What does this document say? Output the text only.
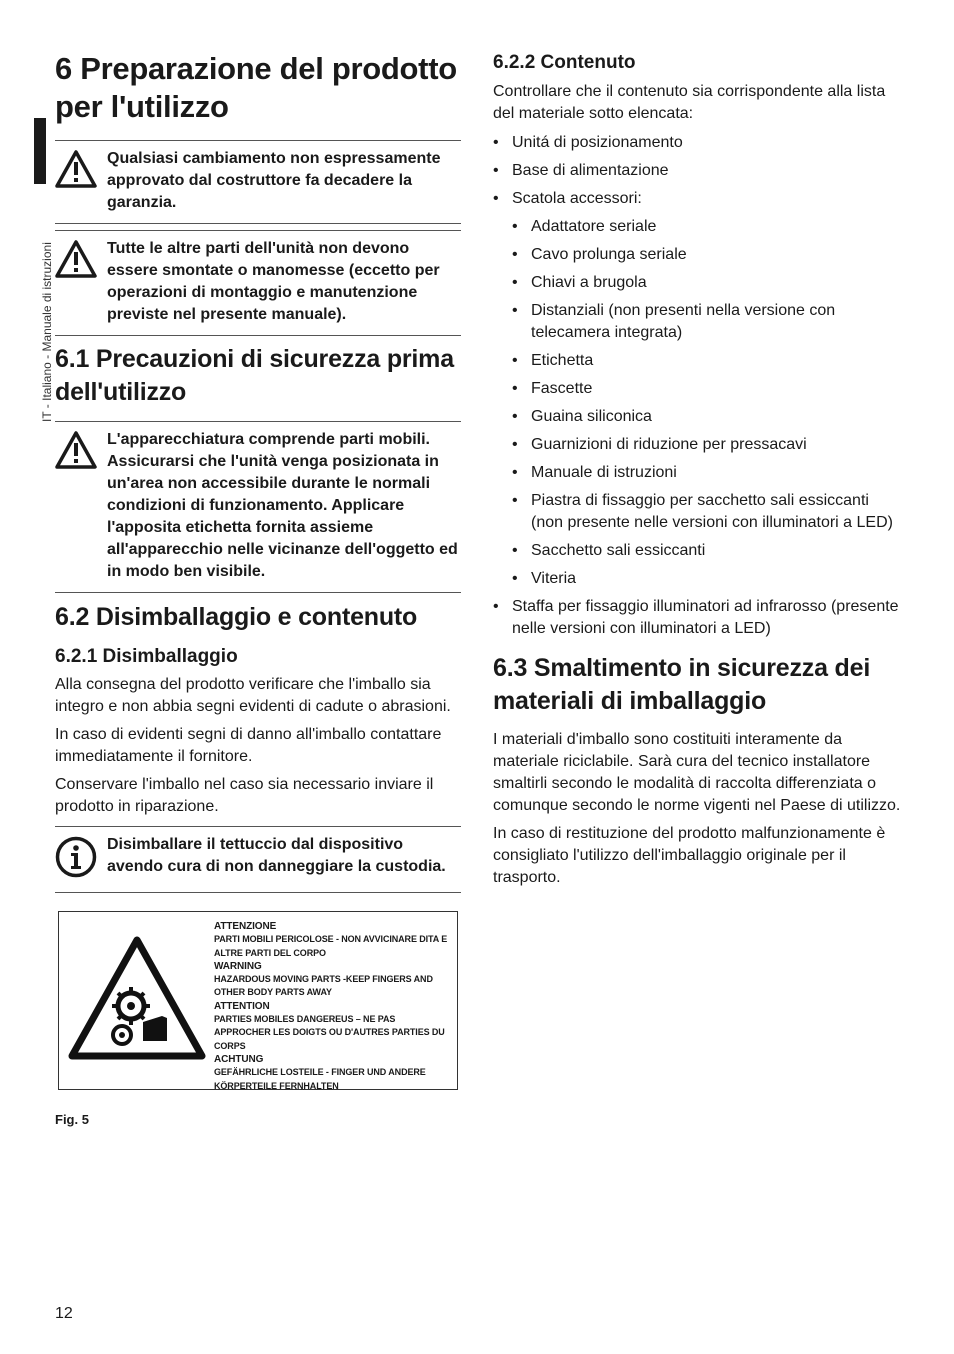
IT - Italiano - Manuale di istruzioni
6 Preparazione del prodotto per l'utilizzo
Qualsiasi cambiamento non espressamente approvato dal costruttore fa decadere la garanzia.
Tutte le altre parti dell'unità non devono essere smontate o manomesse (eccetto per operazioni di montaggio e manutenzione previste nel presente manuale).
6.1 Precauzioni di sicurezza prima dell'utilizzo
L'apparecchiatura comprende parti mobili. Assicurarsi che l'unità venga posizionata in un'area non accessibile durante le normali condizioni di funzionamento. Applicare l'apposita etichetta fornita assieme all'apparecchio nelle vicinanze dell'oggetto ed in modo ben visibile.
6.2 Disimballaggio e contenuto
6.2.1 Disimballaggio

Alla consegna del prodotto verificare che l'imballo sia integro e non abbia segni evidenti di cadute o abrasioni.

In caso di evidenti segni di danno all'imballo contattare immediatamente il fornitore.

Conservare l'imballo nel caso sia necessario inviare il prodotto in riparazione.

Disimballare il tettuccio dal dispositivo avendo cura di non danneggiare la custodia.
ATTENZIONE
PARTI MOBILI PERICOLOSE - NON AVVICINARE DITA E ALTRE PARTI DEL CORPO
WARNING
HAZARDOUS MOVING PARTS -KEEP FINGERS AND OTHER BODY PARTS AWAY
ATTENTION
PARTIES MOBILES DANGEREUS – NE PAS APPROCHER LES DOIGTS OU D'AUTRES PARTIES DU CORPS
ACHTUNG
GEFÄHRLICHE LOSTEILE - FINGER UND ANDERE KÖRPERTEILE FERNHALTEN
Fig. 5
6.2.2 Contenuto

Controllare che il contenuto sia corrispondente alla lista del materiale sotto elencata:

• Unitá di posizionamento
• Base di alimentazione
• Scatola accessori:
• Adattatore seriale
• Cavo prolunga seriale
• Chiavi a brugola
• Distanziali (non presenti nella versione con telecamera integrata)
• Etichetta
• Fascette
• Guaina siliconica
• Guarnizioni di riduzione per pressacavi
• Manuale di istruzioni
• Piastra di fissaggio per sacchetto sali essiccanti (non presente nelle versioni con illuminatori a LED)
• Sacchetto sali essiccanti
• Viteria
• Staffa per fissaggio illuminatori ad infrarosso (presente nelle versioni con illuminatori a LED)
6.3 Smaltimento in sicurezza dei materiali di imballaggio

I materiali d'imballo sono costituiti interamente da materiale riciclabile. Sarà cura del tecnico installatore smaltirli secondo le modalità di raccolta differenziata o comunque secondo le norme vigenti nel Paese di utilizzo.

In caso di restituzione del prodotto malfunzionamente è consigliato l'utilizzo dell'imballaggio originale per il trasporto.

12
